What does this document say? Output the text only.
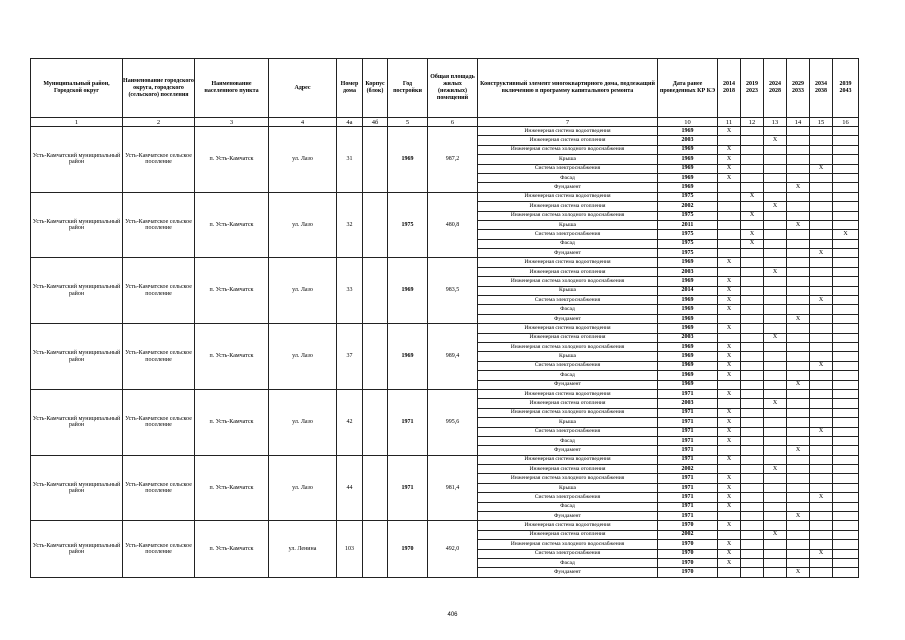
Муниципальный район, Городской округ	Наименование городского округа, городского (сельского) поселения	Наименование населенного пункта	Адрес	Номер дома	Корпус (блок)	Год постройки	Общая площадь жилых (нежилых) помещений	Конструктивный элемент многоквартирного дома, подлежащий включению в программу капитального ремонта	Дата ранее проведенных КР КЭ	2014 2018	2019 2023	2024 2028	2029 2033	2034 2038	2039 2043
1	2	3	4	4а	4б	5	6	7	10	11	12	13	14	15	16
Усть-Камчатский муниципальный район	Усть-Камчатское сельское поселение	п. Усть-Камчатск	ул. Лазо	31		1969	987,2	Инженерная система водоотведения	1969	X					
								Инженерная система отопления	2003			X			
								Инженерная система холодного водоснабжения	1969	X					
								Крыша	1969	X					
								Система электроснабжения	1969	X				X	
								Фасад	1969	X					
								Фундамент	1969				X		
Усть-Камчатский муниципальный район	Усть-Камчатское сельское поселение	п. Усть-Камчатск	ул. Лазо	32		1975	480,8	Инженерная система водоотведения	1975		X				
								Инженерная система отопления	2002			X			
								Инженерная система холодного водоснабжения	1975		X				
								Крыша	2011				X		
								Система электроснабжения	1975		X				X
								Фасад	1975		X				
								Фундамент	1975					X	
Усть-Камчатский муниципальный район	Усть-Камчатское сельское поселение	п. Усть-Камчатск	ул. Лазо	33		1969	983,5	Инженерная система водоотведения	1969	X					
								Инженерная система отопления	2003			X			
								Инженерная система холодного водоснабжения	1969	X					
								Крыша	2014	X					
								Система электроснабжения	1969	X				X	
								Фасад	1969	X					
								Фундамент	1969				X		
Усть-Камчатский муниципальный район	Усть-Камчатское сельское поселение	п. Усть-Камчатск	ул. Лазо	37		1969	989,4	Инженерная система водоотведения	1969	X					
								Инженерная система отопления	2003			X			
								Инженерная система холодного водоснабжения	1969	X					
								Крыша	1969	X					
								Система электроснабжения	1969	X				X	
								Фасад	1969	X					
								Фундамент	1969				X		
Усть-Камчатский муниципальный район	Усть-Камчатское сельское поселение	п. Усть-Камчатск	ул. Лазо	42		1971	995,6	Инженерная система водоотведения	1971	X					
								Инженерная система отопления	2003			X			
								Инженерная система холодного водоснабжения	1971	X					
								Крыша	1971	X					
								Система электроснабжения	1971	X				X	
								Фасад	1971	X					
								Фундамент	1971				X		
Усть-Камчатский муниципальный район	Усть-Камчатское сельское поселение	п. Усть-Камчатск	ул. Лазо	44		1971	981,4	Инженерная система водоотведения	1971	X					
								Инженерная система отопления	2002			X			
								Инженерная система холодного водоснабжения	1971	X					
								Крыша	1971	X					
								Система электроснабжения	1971	X				X	
								Фасад	1971	X					
								Фундамент	1971				X		
Усть-Камчатский муниципальный район	Усть-Камчатское сельское поселение	п. Усть-Камчатск	ул. Ленина	103		1970	492,0	Инженерная система водоотведения	1970	X					
								Инженерная система отопления	2002			X			
								Инженерная система холодного водоснабжения	1970	X					
								Система электроснабжения	1970	X				X	
								Фасад	1970	X					
								Фундамент	1970				X		
406
